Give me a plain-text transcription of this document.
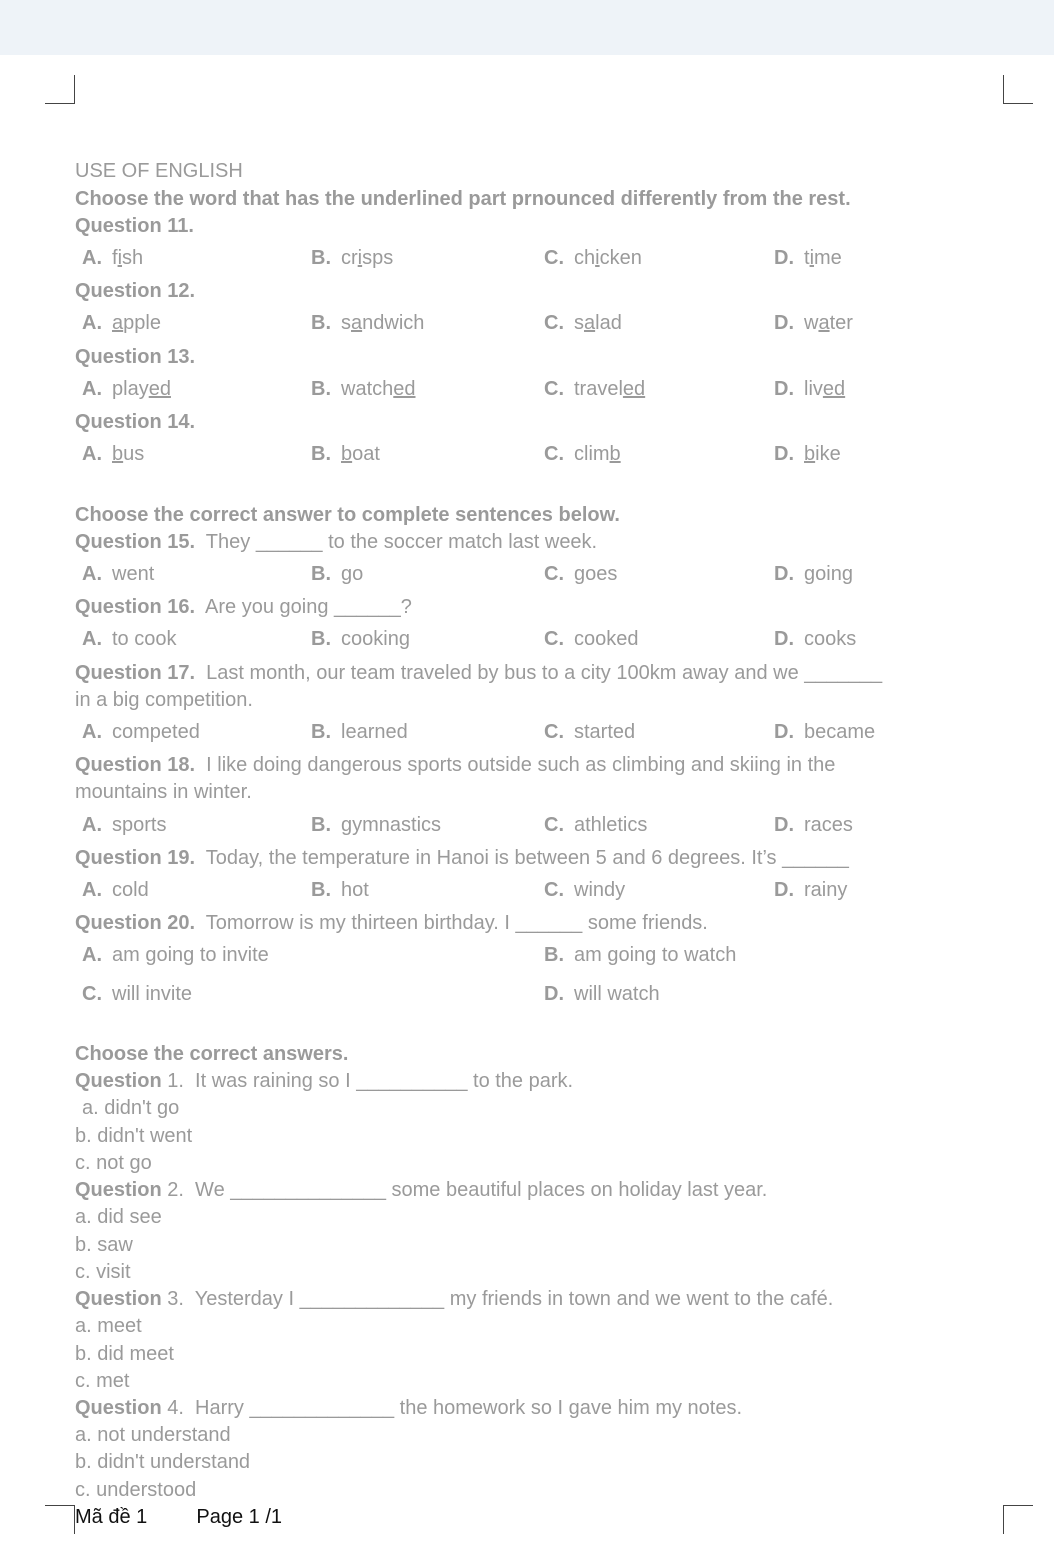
USE OF ENGLISH
Choose the word that has the underlined part prnounced differently from the rest.
Question 11.
A. fish	B. crisps	C. chicken	D. time
Question 12.
A. apple	B. sandwich	C. salad	D. water
Question 13.
A. played	B. watched	C. traveled	D. lived
Question 14.
A. bus	B. boat	C. climb	D. bike
Choose the correct answer to complete sentences below.
Question 15. They ______ to the soccer match last week.
A. went	B. go	C. goes	D. going
Question 16. Are you going ______?
A. to cook	B. cooking	C. cooked	D. cooks
Question 17. Last month, our team traveled by bus to a city 100km away and we _______
in a big competition.
A. competed	B. learned	C. started	D. became
Question 18. I like doing dangerous sports outside such as climbing and skiing in the
mountains in winter.
A. sports	B. gymnastics	C. athletics	D. races
Question 19. Today, the temperature in Hanoi is between 5 and 6 degrees. It’s ______
A. cold	B. hot	C. windy	D. rainy
Question 20. Tomorrow is my thirteen birthday. I ______ some friends.
A. am going to invite	B. am going to watch
C. will invite	D. will watch
Choose the correct answers.
Question 1. It was raining so I __________ to the park.
a. didn't go
b. didn't went
c. not go
Question 2. We ______________ some beautiful places on holiday last year.
a. did see
b. saw
c. visit
Question 3. Yesterday I _____________ my friends in town and we went to the café.
a. meet
b. did meet
c. met
Question 4. Harry _____________ the homework so I gave him my notes.
a. not understand
b. didn't understand
c. understood
Mã đề 1 Page 1 /1
